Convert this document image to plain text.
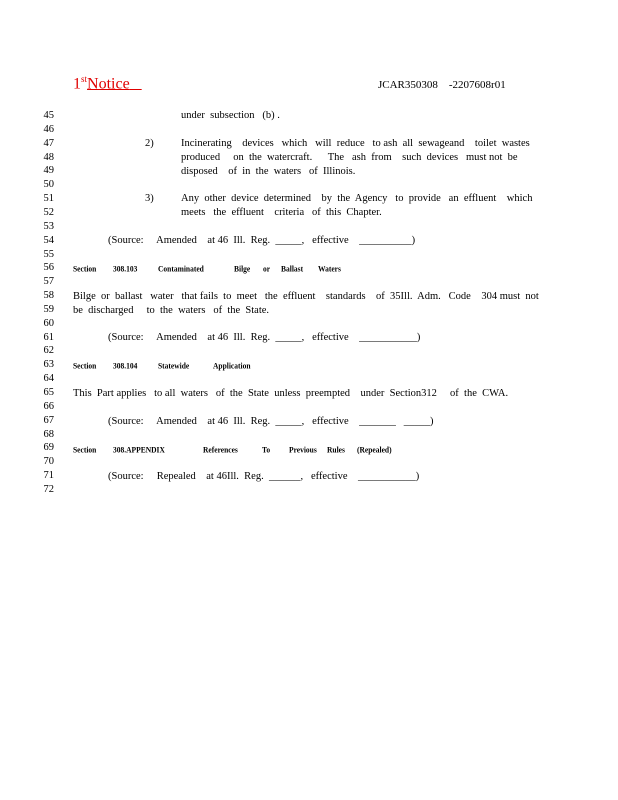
1stNotice	JCAR350308    -2207608r01
45
46
47
48
49
50
51
52
53
54
55
56
57
58
59
60
61
62
63
64
65
66
67
68
69
70
71
72
under  subsection   (b) .
2)	Incinerating    devices   which   will  reduce   to ash  all  sewageand    toilet  wastes
produced     on  the  watercraft.      The   ash  from    such  devices   must not  be
disposed    of  in  the  waters   of  Illinois.
3)	Any  other  device  determined    by  the  Agency   to  provide   an  effluent    which
meets   the  effluent    criteria   of  this  Chapter.
(Source:     Amended    at 46  Ill.  Reg.  _____,   effective    __________)
Section 308.103	Contaminated	Bilge or Ballast Waters
Bilge  or  ballast   water   that fails  to  meet   the  effluent    standards    of  35Ill.  Adm.   Code    304 must  not
be  discharged     to  the  waters   of  the  State.
(Source:     Amended    at 46  Ill.  Reg.  _____,   effective    ___________)
Section 308.104	Statewide	Application
This  Part applies   to all  waters   of  the  State  unless  preempted    under  Section312     of  the  CWA.
(Source:     Amended    at 46  Ill.  Reg.  _____,   effective    _______   _____)
Section 308.APPENDIX	References	To	Previous Rules (Repealed)
(Source:     Repealed    at 46Ill.  Reg.  ______,   effective    ___________)
